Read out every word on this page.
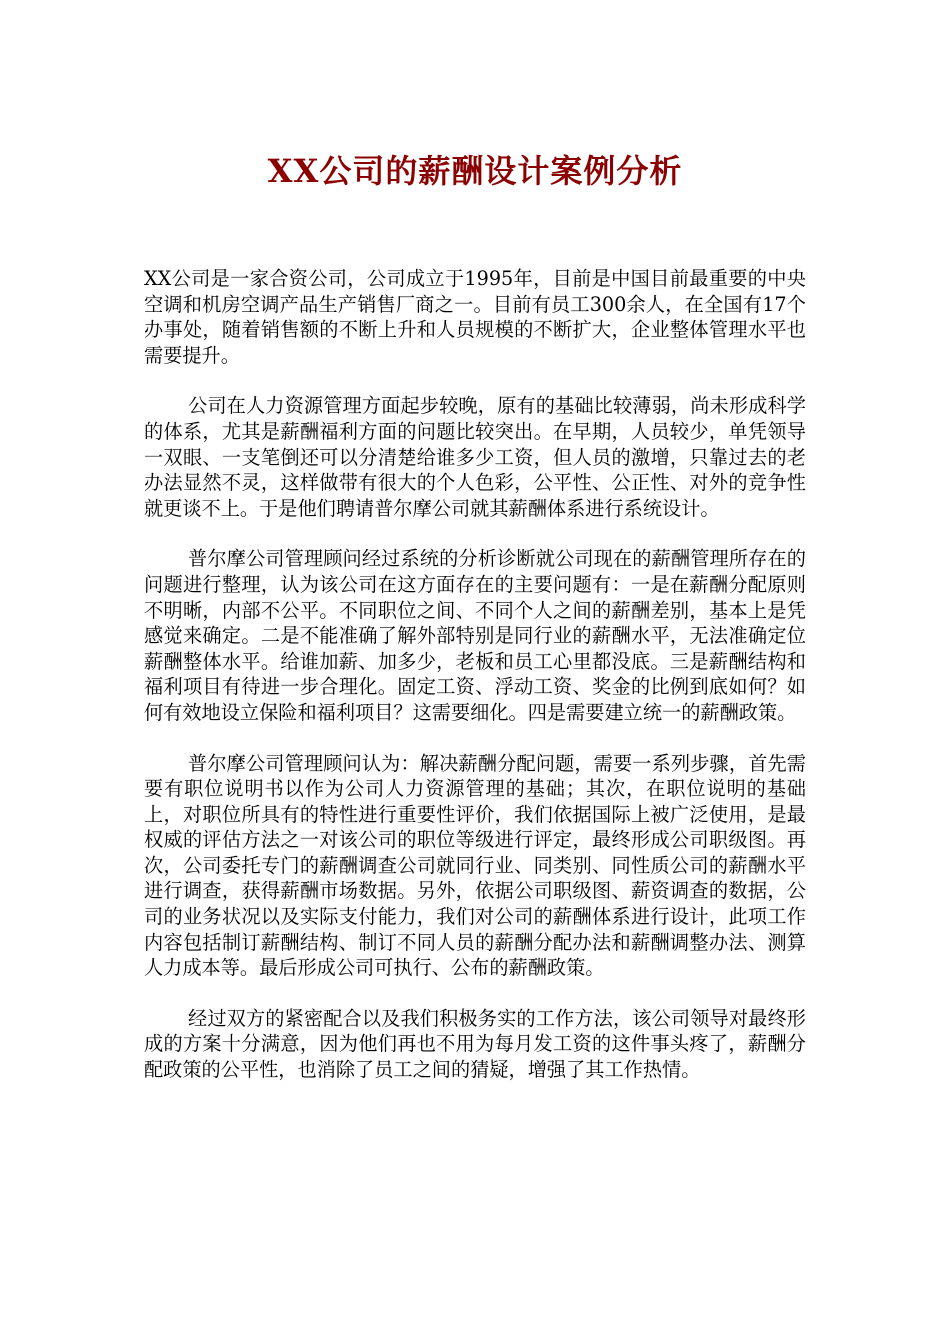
XX公司的薪酬设计案例分析

XX公司是一家合资公司，公司成立于1995年，目前是中国目前最重要的中央空调和机房空调产品生产销售厂商之一。目前有员工300余人，在全国有17个办事处，随着销售额的不断上升和人员规模的不断扩大，企业整体管理水平也需要提升。

公司在人力资源管理方面起步较晚，原有的基础比较薄弱，尚未形成科学的体系，尤其是薪酬福利方面的问题比较突出。在早期，人员较少，单凭领导一双眼、一支笔倒还可以分清楚给谁多少工资，但人员的激增，只靠过去的老办法显然不灵，这样做带有很大的个人色彩，公平性、公正性、对外的竞争性就更谈不上。于是他们聘请普尔摩公司就其薪酬体系进行系统设计。

普尔摩公司管理顾问经过系统的分析诊断就公司现在的薪酬管理所存在的问题进行整理，认为该公司在这方面存在的主要问题有：一是在薪酬分配原则不明晰，内部不公平。不同职位之间、不同个人之间的薪酬差别，基本上是凭感觉来确定。二是不能准确了解外部特别是同行业的薪酬水平，无法准确定位薪酬整体水平。给谁加薪、加多少，老板和员工心里都没底。三是薪酬结构和福利项目有待进一步合理化。固定工资、浮动工资、奖金的比例到底如何？如何有效地设立保险和福利项目？这需要细化。四是需要建立统一的薪酬政策。

普尔摩公司管理顾问认为：解决薪酬分配问题，需要一系列步骤，首先需要有职位说明书以作为公司人力资源管理的基础；其次，在职位说明的基础上，对职位所具有的特性进行重要性评价，我们依据国际上被广泛使用，是最权威的评估方法之一对该公司的职位等级进行评定，最终形成公司职级图。再次，公司委托专门的薪酬调查公司就同行业、同类别、同性质公司的薪酬水平进行调查，获得薪酬市场数据。另外，依据公司职级图、薪资调查的数据，公司的业务状况以及实际支付能力，我们对公司的薪酬体系进行设计，此项工作内容包括制订薪酬结构、制订不同人员的薪酬分配办法和薪酬调整办法、测算人力成本等。最后形成公司可执行、公布的薪酬政策。

经过双方的紧密配合以及我们积极务实的工作方法，该公司领导对最终形成的方案十分满意，因为他们再也不用为每月发工资的这件事头疼了，薪酬分配政策的公平性，也消除了员工之间的猜疑，增强了其工作热情。
